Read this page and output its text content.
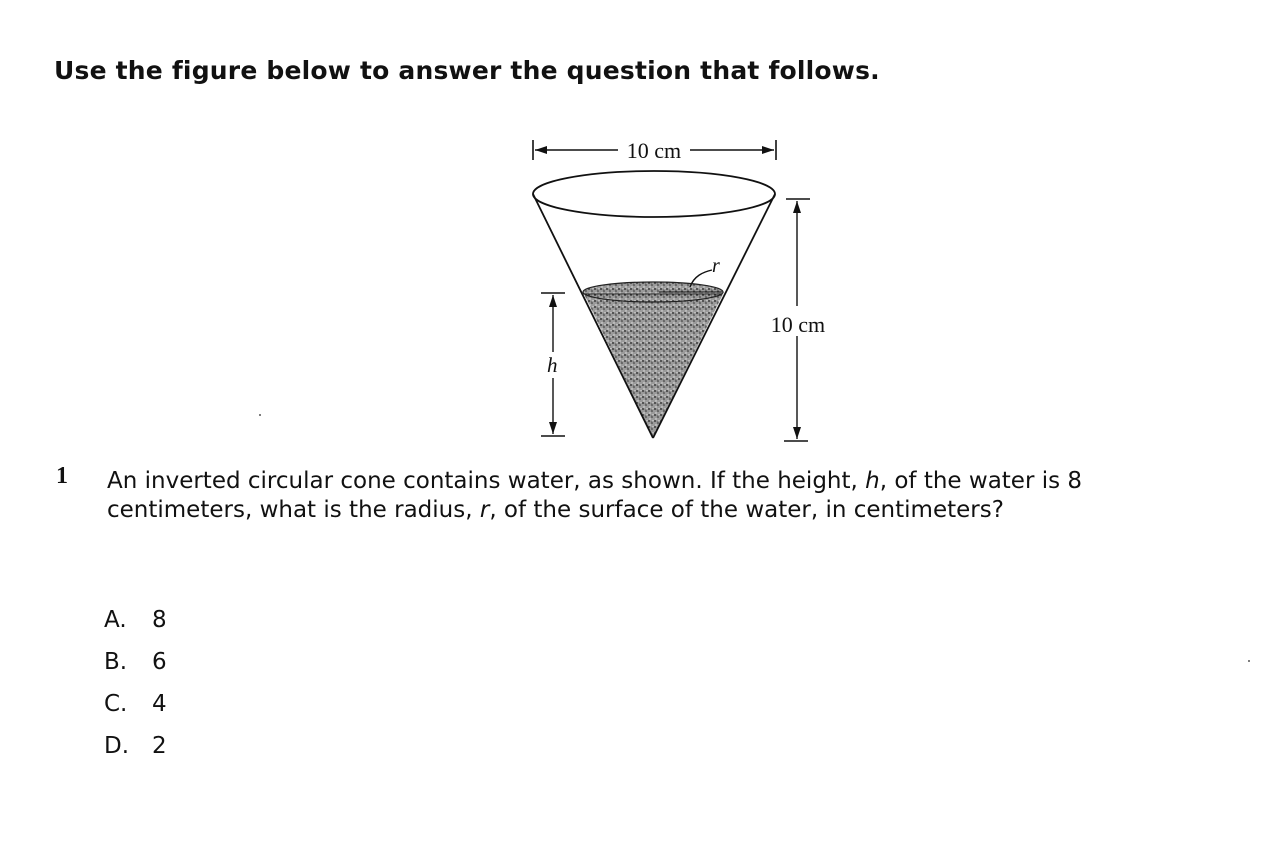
Use the figure below to answer the question that follows.
10 cm
r
h
10 cm
1 An inverted circular cone contains water, as shown. If the height, h, of the water is 8 centimeters, what is the radius, r, of the surface of the water, in centimeters?

A. 8
B. 6
C. 4
D. 2
